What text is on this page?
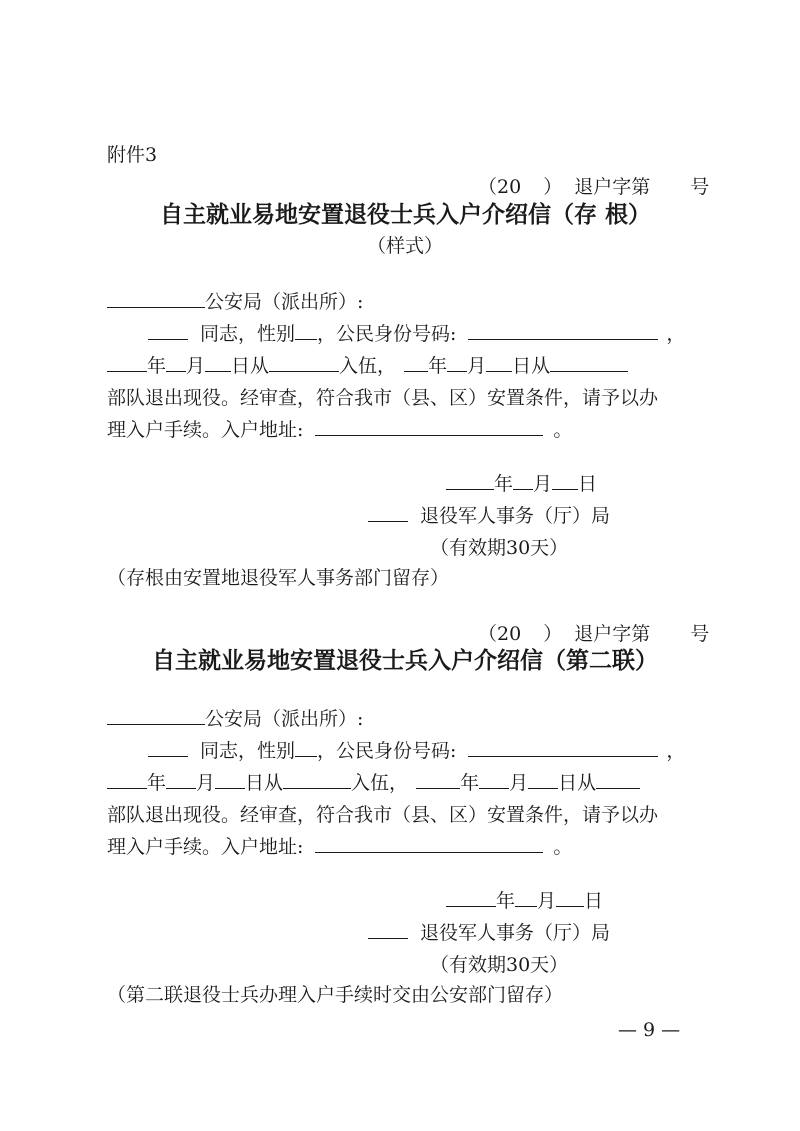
附件3
（20 ） 退户字第 号
自主就业易地安置退役士兵入户介绍信（存 根）
（样式）
公安局（派出所）:
同志，性别 ，公民身份号码:	，
年 月 日从	入伍， 年 月 日从
部队退出现役。经审查，符合我市（县、区）安置条件，请予以办
理入户手续。入户地址:	。
年 月 日
退役军人事务（厅）局
（有效期30天）
（存根由安置地退役军人事务部门留存）
（20 ） 退户字第 号
自主就业易地安置退役士兵入户介绍信（第二联）
公安局（派出所）:
同志，性别 ，公民身份号码:	，
年 月 日从	入伍，	年 月 日从
部队退出现役。经审查，符合我市（县、区）安置条件，请予以办
理入户手续。入户地址:	。
年 月 日
退役军人事务（厅）局
（有效期30天）
（第二联退役士兵办理入户手续时交由公安部门留存）
— 9 —
